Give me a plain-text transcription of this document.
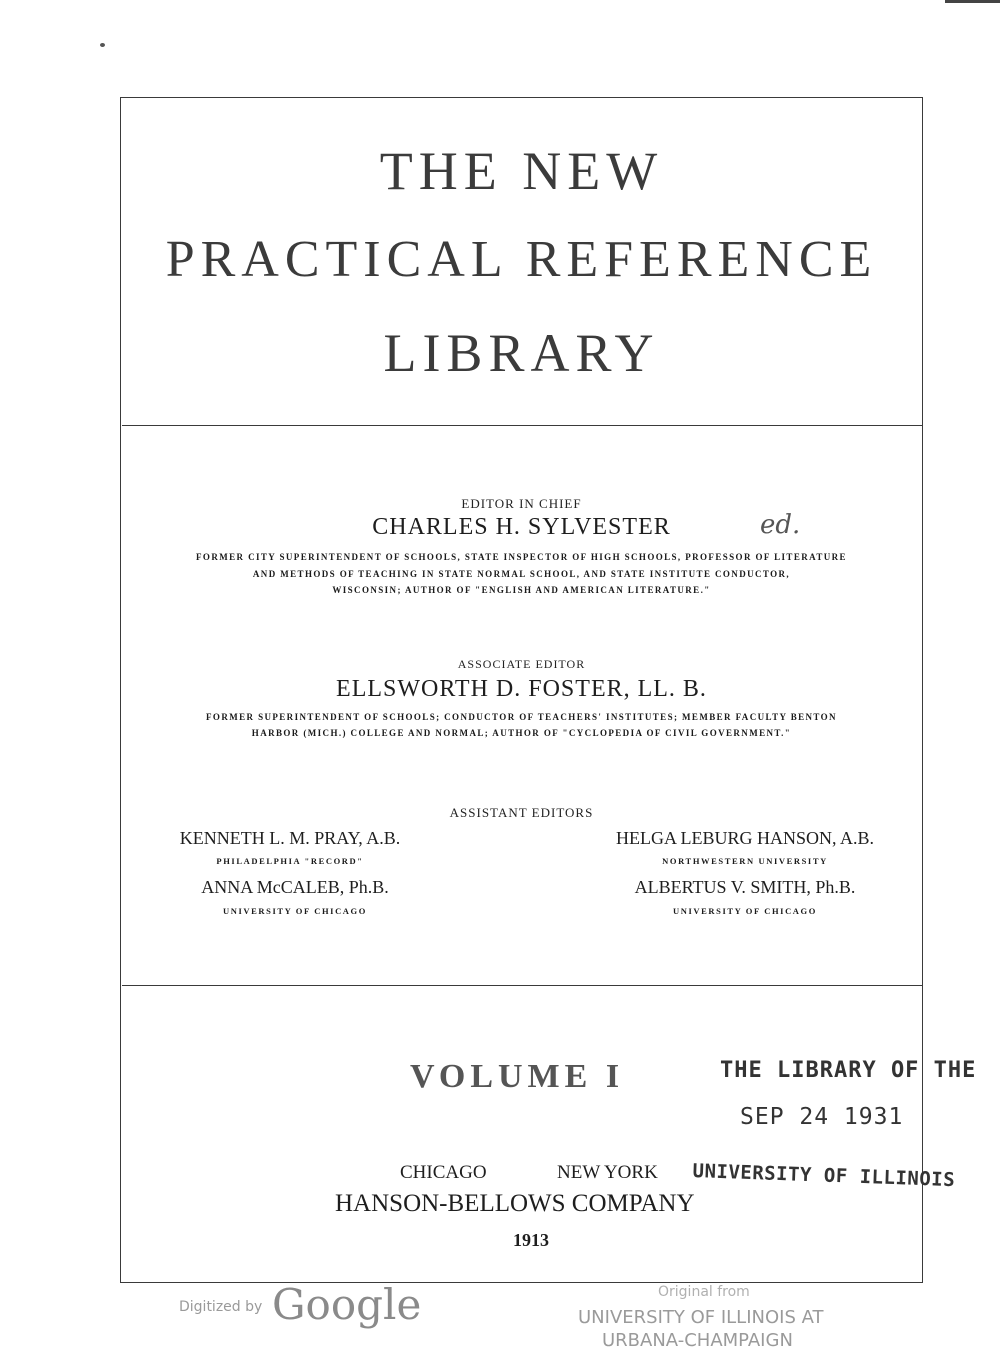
THE NEW
PRACTICAL REFERENCE
LIBRARY
EDITOR IN CHIEF
CHARLES H. SYLVESTER	ed.
FORMER CITY SUPERINTENDENT OF SCHOOLS, STATE INSPECTOR OF HIGH SCHOOLS, PROFESSOR OF LITERATURE
AND METHODS OF TEACHING IN STATE NORMAL SCHOOL, AND STATE INSTITUTE CONDUCTOR,
WISCONSIN; AUTHOR OF "ENGLISH AND AMERICAN LITERATURE."
ASSOCIATE EDITOR
ELLSWORTH D. FOSTER, LL. B.
FORMER SUPERINTENDENT OF SCHOOLS; CONDUCTOR OF TEACHERS' INSTITUTES; MEMBER FACULTY BENTON
HARBOR (MICH.) COLLEGE AND NORMAL; AUTHOR OF "CYCLOPEDIA OF CIVIL GOVERNMENT."
ASSISTANT EDITORS
KENNETH L. M. PRAY, A.B.
PHILADELPHIA "RECORD"
HELGA LEBURG HANSON, A.B.
NORTHWESTERN UNIVERSITY
ANNA McCALEB, Ph.B.
UNIVERSITY OF CHICAGO
ALBERTUS V. SMITH, Ph.B.
UNIVERSITY OF CHICAGO
VOLUME I	THE LIBRARY OF THE
SEP 24 1931
UNIVERSITY OF ILLINOIS
CHICAGO	NEW YORK
HANSON-BELLOWS COMPANY
1913
Digitized by Google	Original from
UNIVERSITY OF ILLINOIS AT
URBANA-CHAMPAIGN
